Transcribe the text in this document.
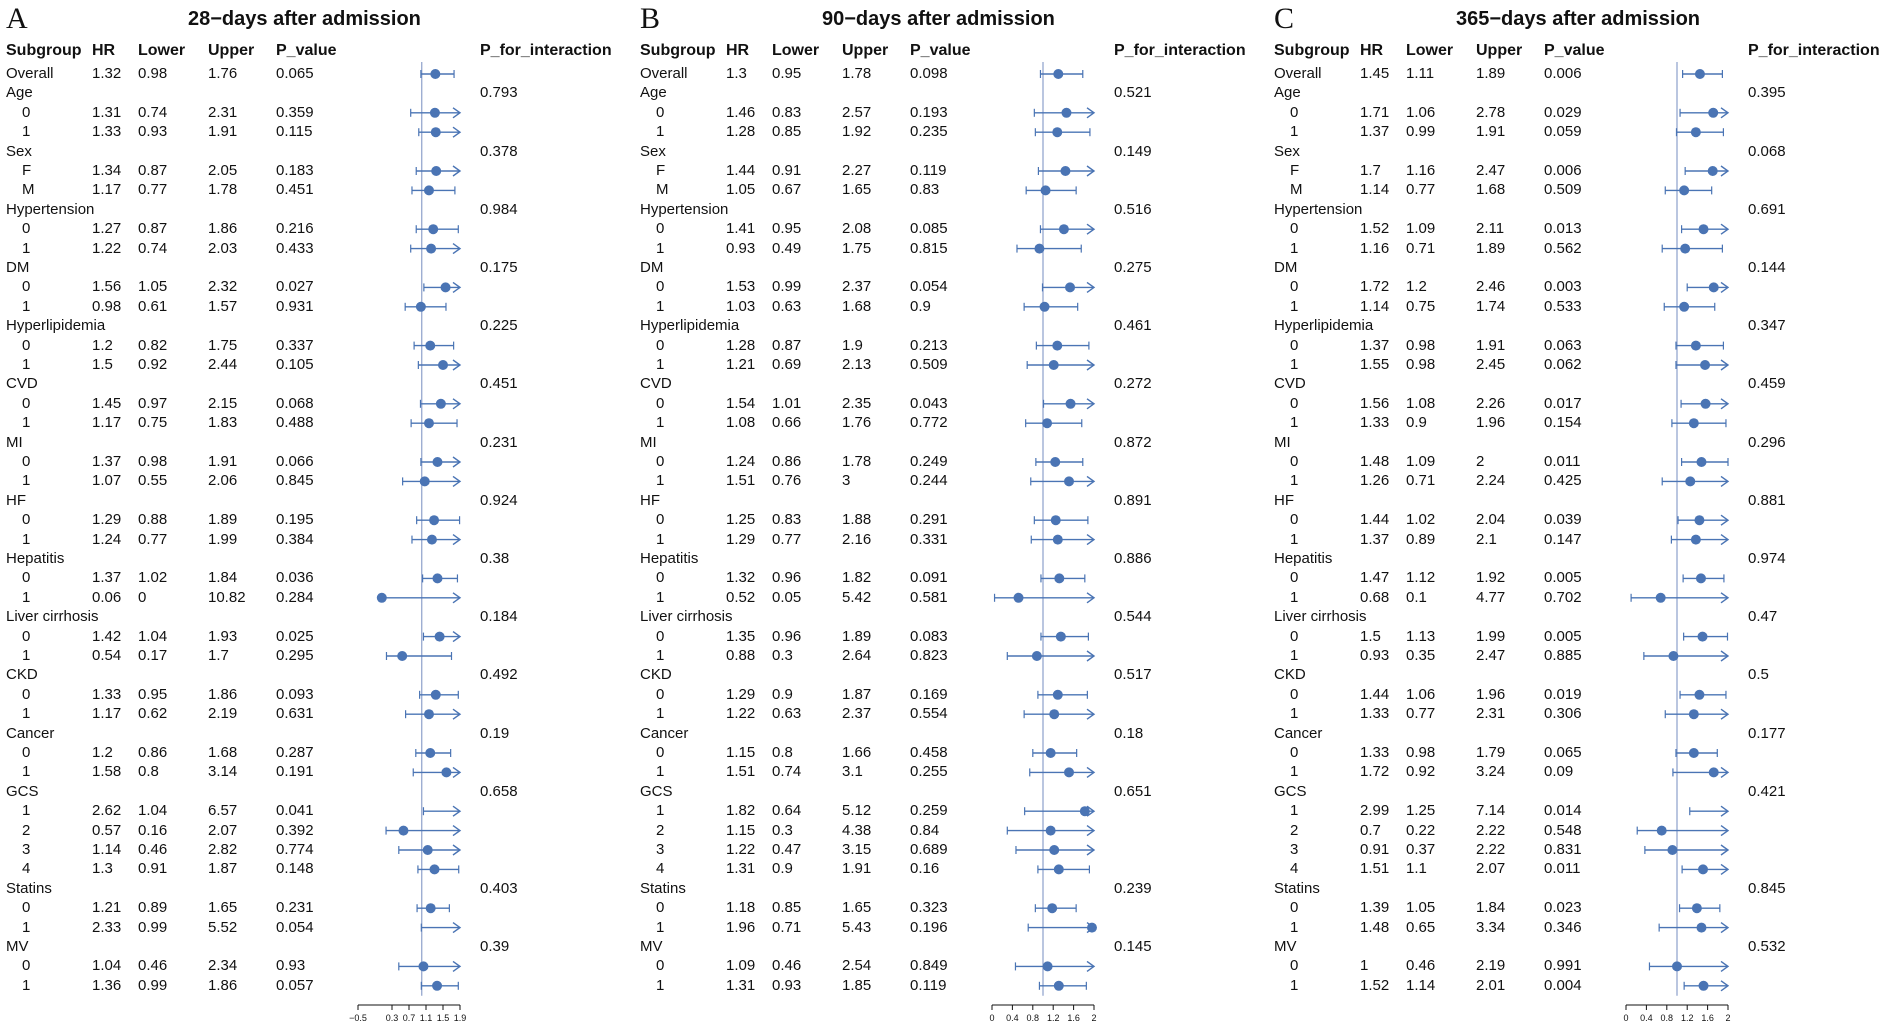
A	28−days after admission
Subgroup HR Lower Upper P_value	P_for_interaction
−0.5 0.3 0.7 1.1 1.5 1.9
Overall	1.32 0.98	1.76	0.065
Age	0.793
0	1.31 0.74	2.31	0.359
1	1.33 0.93	1.91	0.115
Sex	0.378
F	1.34 0.87	2.05	0.183
M	1.17 0.77	1.78	0.451
Hypertension	0.984
0	1.27 0.87	1.86	0.216
1	1.22 0.74	2.03	0.433
DM	0.175
0	1.56 1.05	2.32	0.027
1	0.98 0.61	1.57	0.931
Hyperlipidemia	0.225
0	1.2 0.82	1.75	0.337
1	1.5 0.92	2.44	0.105
CVD	0.451
0	1.45 0.97	2.15	0.068
1	1.17 0.75	1.83	0.488
MI	0.231
0	1.37 0.98	1.91	0.066
1	1.07 0.55	2.06	0.845
HF	0.924
0	1.29 0.88	1.89	0.195
1	1.24 0.77	1.99	0.384
Hepatitis	0.38
0	1.37 1.02	1.84	0.036
1	0.06 0	10.82 0.284
Liver cirrhosis	0.184
0	1.42 1.04	1.93	0.025
1	0.54 0.17	1.7	0.295
CKD	0.492
0	1.33 0.95	1.86	0.093
1	1.17 0.62	2.19	0.631
Cancer	0.19
0	1.2 0.86	1.68	0.287
1	1.58 0.8	3.14	0.191
GCS	0.658
1	2.62 1.04	6.57	0.041
2	0.57 0.16	2.07	0.392
3	1.14 0.46	2.82	0.774
4	1.3 0.91	1.87	0.148
Statins	0.403
0	1.21 0.89	1.65	0.231
1	2.33 0.99	5.52	0.054
MV	0.39
0	1.04 0.46	2.34	0.93
1	1.36 0.99	1.86	0.057
B	90−days after admission
Subgroup HR Lower Upper P_value	P_for_interaction
0 0.4 0.8 1.2 1.6 2
Overall	1.3 0.95	1.78	0.098
Age	0.521
0	1.46 0.83	2.57	0.193
1	1.28 0.85	1.92	0.235
Sex	0.149
F	1.44 0.91	2.27	0.119
M	1.05 0.67	1.65	0.83
Hypertension	0.516
0	1.41 0.95	2.08	0.085
1	0.93 0.49	1.75	0.815
DM	0.275
0	1.53 0.99	2.37	0.054
1	1.03 0.63	1.68	0.9
Hyperlipidemia	0.461
0	1.28 0.87	1.9	0.213
1	1.21 0.69	2.13	0.509
CVD	0.272
0	1.54 1.01	2.35	0.043
1	1.08 0.66	1.76	0.772
MI	0.872
0	1.24 0.86	1.78	0.249
1	1.51 0.76	3	0.244
HF	0.891
0	1.25 0.83	1.88	0.291
1	1.29 0.77	2.16	0.331
Hepatitis	0.886
0	1.32 0.96	1.82	0.091
1	0.52 0.05	5.42	0.581
Liver cirrhosis	0.544
0	1.35 0.96	1.89	0.083
1	0.88 0.3	2.64	0.823
CKD	0.517
0	1.29 0.9	1.87	0.169
1	1.22 0.63	2.37	0.554
Cancer	0.18
0	1.15 0.8	1.66	0.458
1	1.51 0.74	3.1	0.255
GCS	0.651
1	1.82 0.64	5.12	0.259
2	1.15 0.3	4.38	0.84
3	1.22 0.47	3.15	0.689
4	1.31 0.9	1.91	0.16
Statins	0.239
0	1.18 0.85	1.65	0.323
1	1.96 0.71	5.43	0.196
MV	0.145
0	1.09 0.46	2.54	0.849
1	1.31 0.93	1.85	0.119
C	365−days after admission
Subgroup HR Lower Upper P_value	P_for_interaction
0 0.4 0.8 1.2 1.6 2
Overall	1.45 1.11	1.89	0.006
Age	0.395
0	1.71 1.06	2.78	0.029
1	1.37 0.99	1.91	0.059
Sex	0.068
F	1.7 1.16	2.47	0.006
M	1.14 0.77	1.68	0.509
Hypertension	0.691
0	1.52 1.09	2.11	0.013
1	1.16 0.71	1.89	0.562
DM	0.144
0	1.72 1.2	2.46	0.003
1	1.14 0.75	1.74	0.533
Hyperlipidemia	0.347
0	1.37 0.98	1.91	0.063
1	1.55 0.98	2.45	0.062
CVD	0.459
0	1.56 1.08	2.26	0.017
1	1.33 0.9	1.96	0.154
MI	0.296
0	1.48 1.09	2	0.011
1	1.26 0.71	2.24	0.425
HF	0.881
0	1.44 1.02	2.04	0.039
1	1.37 0.89	2.1	0.147
Hepatitis	0.974
0	1.47 1.12	1.92	0.005
1	0.68 0.1	4.77	0.702
Liver cirrhosis	0.47
0	1.5 1.13	1.99	0.005
1	0.93 0.35	2.47	0.885
CKD	0.5
0	1.44 1.06	1.96	0.019
1	1.33 0.77	2.31	0.306
Cancer	0.177
0	1.33 0.98	1.79	0.065
1	1.72 0.92	3.24	0.09
GCS	0.421
1	2.99 1.25	7.14	0.014
2	0.7 0.22	2.22	0.548
3	0.91 0.37	2.22	0.831
4	1.51 1.1	2.07	0.011
Statins	0.845
0	1.39 1.05	1.84	0.023
1	1.48 0.65	3.34	0.346
MV	0.532
0	1	0.46	2.19	0.991
1	1.52 1.14	2.01	0.004
